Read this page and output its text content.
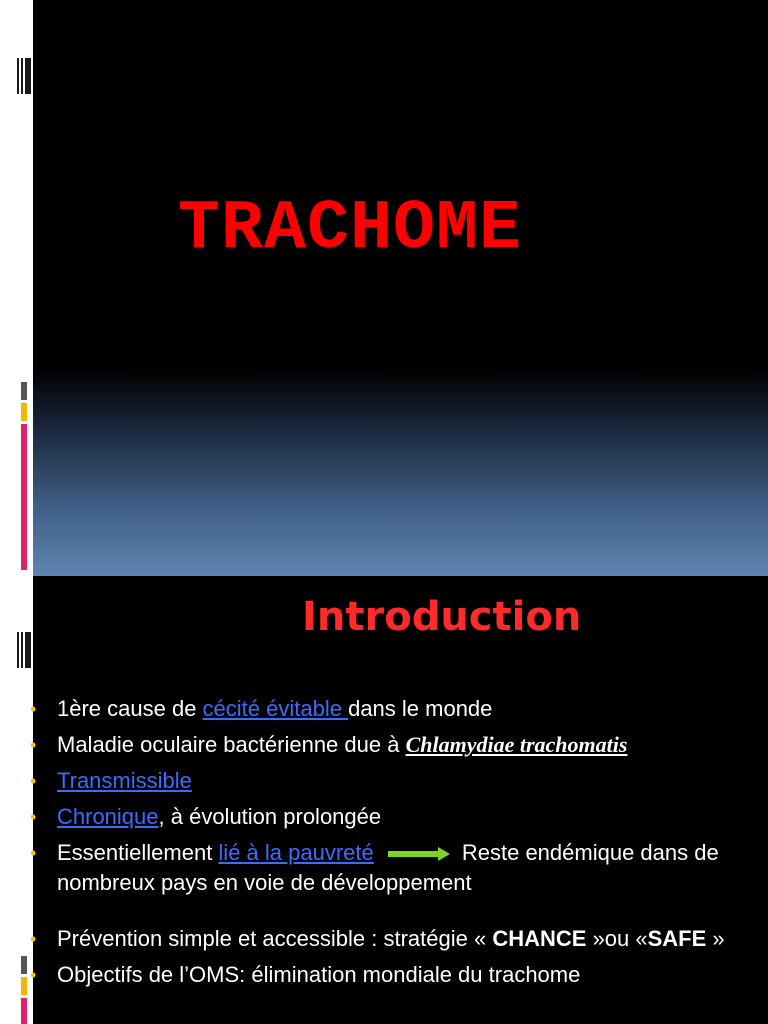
TRACHOME
Introduction
• 1ère cause de cécité évitable dans le monde
• Maladie oculaire bactérienne due à Chlamydiae trachomatis
• Transmissible
• Chronique, à évolution prolongée
• Essentiellement lié à la pauvreté	Reste endémique dans de nombreux pays en voie de développement
• Prévention simple et accessible : stratégie « CHANCE »ou «SAFE »
• Objectifs de l’OMS: élimination mondiale du trachome
